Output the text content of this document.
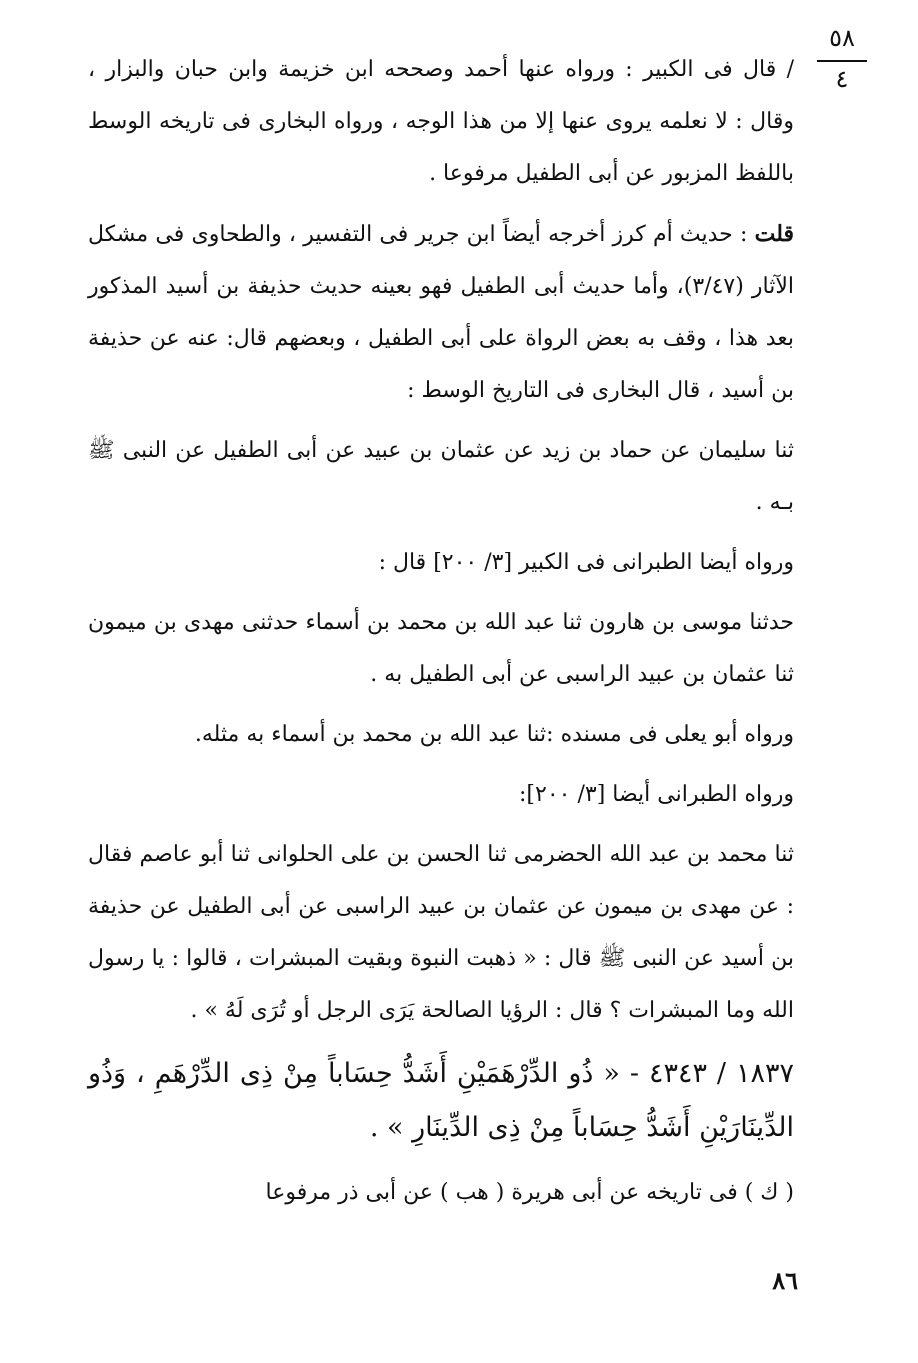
٥٨
٤

/ قال فى الكبير : ورواه عنها أحمد وصححه ابن خزيمة وابن حبان والبزار ، وقال : لا نعلمه يروى عنها إلا من هذا الوجه ، ورواه البخارى فى تاريخه الوسط باللفظ المزبور عن أبى الطفيل مرفوعا .

قلت : حديث أم كرز أخرجه أيضاً ابن جرير فى التفسير ، والطحاوى فى مشكل الآثار (٣/٤٧)، وأما حديث أبى الطفيل فهو بعينه حديث حذيفة بن أسيد المذكور بعد هذا ، وقف به بعض الرواة على أبى الطفيل ، وبعضهم قال: عنه عن حذيفة بن أسيد ، قال البخارى فى التاريخ الوسط :

ثنا سليمان عن حماد بن زيد عن عثمان بن عبيد عن أبى الطفيل عن النبى ﷺ بـه .

ورواه أيضا الطبرانى فى الكبير [٣/ ٢٠٠] قال :

حدثنا موسى بن هارون ثنا عبد الله بن محمد بن أسماء حدثنى مهدى بن ميمون ثنا عثمان بن عبيد الراسبى عن أبى الطفيل به .

ورواه أبو يعلى فى مسنده :ثنا عبد الله بن محمد بن أسماء به مثله.

ورواه الطبرانى أيضا [٣/ ٢٠٠]:

ثنا محمد بن عبد الله الحضرمى ثنا الحسن بن على الحلوانى ثنا أبو عاصم فقال : عن مهدى بن ميمون عن عثمان بن عبيد الراسبى عن أبى الطفيل عن حذيفة بن أسيد عن النبى ﷺ قال : « ذهبت النبوة وبقيت المبشرات ، قالوا : يا رسول الله وما المبشرات ؟ قال : الرؤيا الصالحة يَرَى الرجل أو تُرَى لَهُ » .

١٨٣٧ / ٤٣٤٣ - « ذُو الدِّرْهَمَيْنِ أَشَدُّ حِسَاباً مِنْ ذِى الدِّرْهَمِ ، وَذُو الدِّينَارَيْنِ أَشَدُّ حِسَاباً مِنْ ذِى الدِّينَارِ » .

( ك ) فى تاريخه عن أبى هريرة ( هب ) عن أبى ذر مرفوعا

٨٦
